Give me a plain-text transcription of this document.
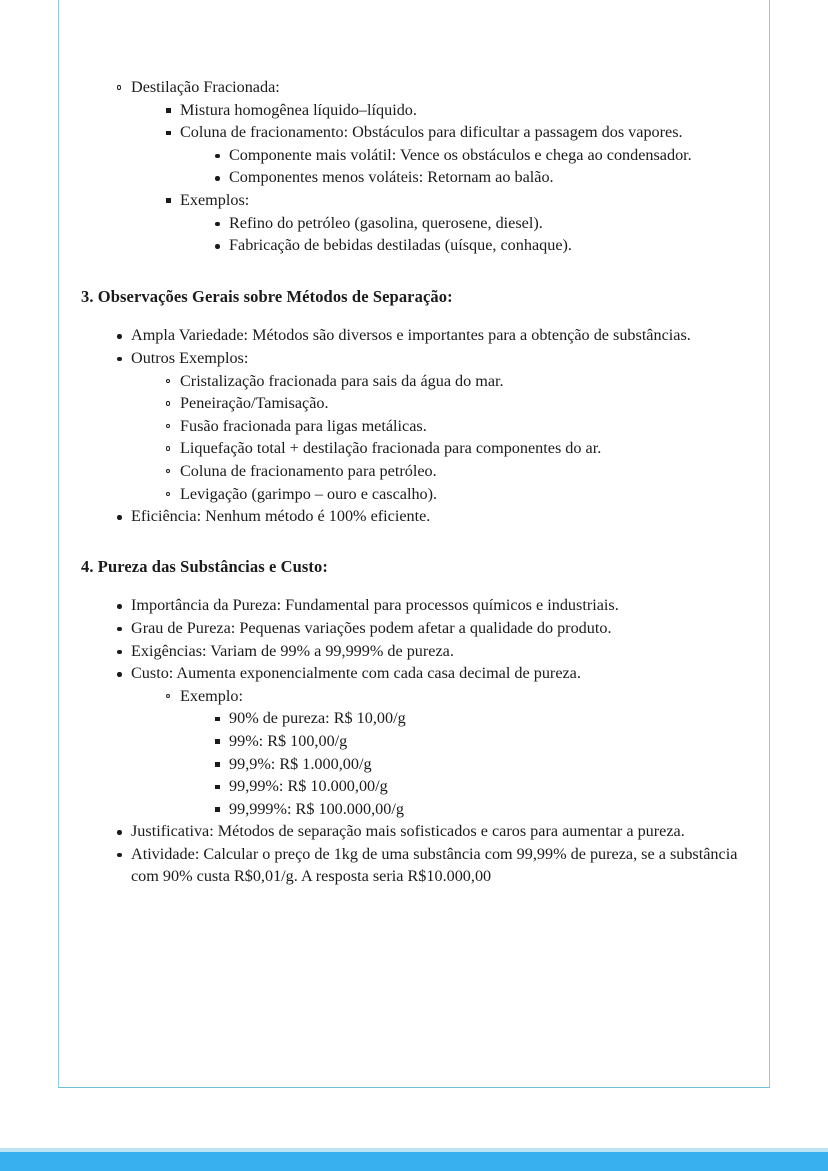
Destilação Fracionada:
Mistura homogênea líquido–líquido.
Coluna de fracionamento: Obstáculos para dificultar a passagem dos vapores.
Componente mais volátil: Vence os obstáculos e chega ao condensador.
Componentes menos voláteis: Retornam ao balão.
Exemplos:
Refino do petróleo (gasolina, querosene, diesel).
Fabricação de bebidas destiladas (uísque, conhaque).

3. Observações Gerais sobre Métodos de Separação:

Ampla Variedade: Métodos são diversos e importantes para a obtenção de substâncias.
Outros Exemplos:
Cristalização fracionada para sais da água do mar.
Peneiração/Tamisação.
Fusão fracionada para ligas metálicas.
Liquefação total + destilação fracionada para componentes do ar.
Coluna de fracionamento para petróleo.
Levigação (garimpo – ouro e cascalho).
Eficiência: Nenhum método é 100% eficiente.

4. Pureza das Substâncias e Custo:

Importância da Pureza: Fundamental para processos químicos e industriais.
Grau de Pureza: Pequenas variações podem afetar a qualidade do produto.
Exigências: Variam de 99% a 99,999% de pureza.
Custo: Aumenta exponencialmente com cada casa decimal de pureza.
Exemplo:
90% de pureza: R$ 10,00/g
99%: R$ 100,00/g
99,9%: R$ 1.000,00/g
99,99%: R$ 10.000,00/g
99,999%: R$ 100.000,00/g
Justificativa: Métodos de separação mais sofisticados e caros para aumentar a pureza.
Atividade: Calcular o preço de 1kg de uma substância com 99,99% de pureza, se a substância com 90% custa R$0,01/g. A resposta seria R$10.000,00
